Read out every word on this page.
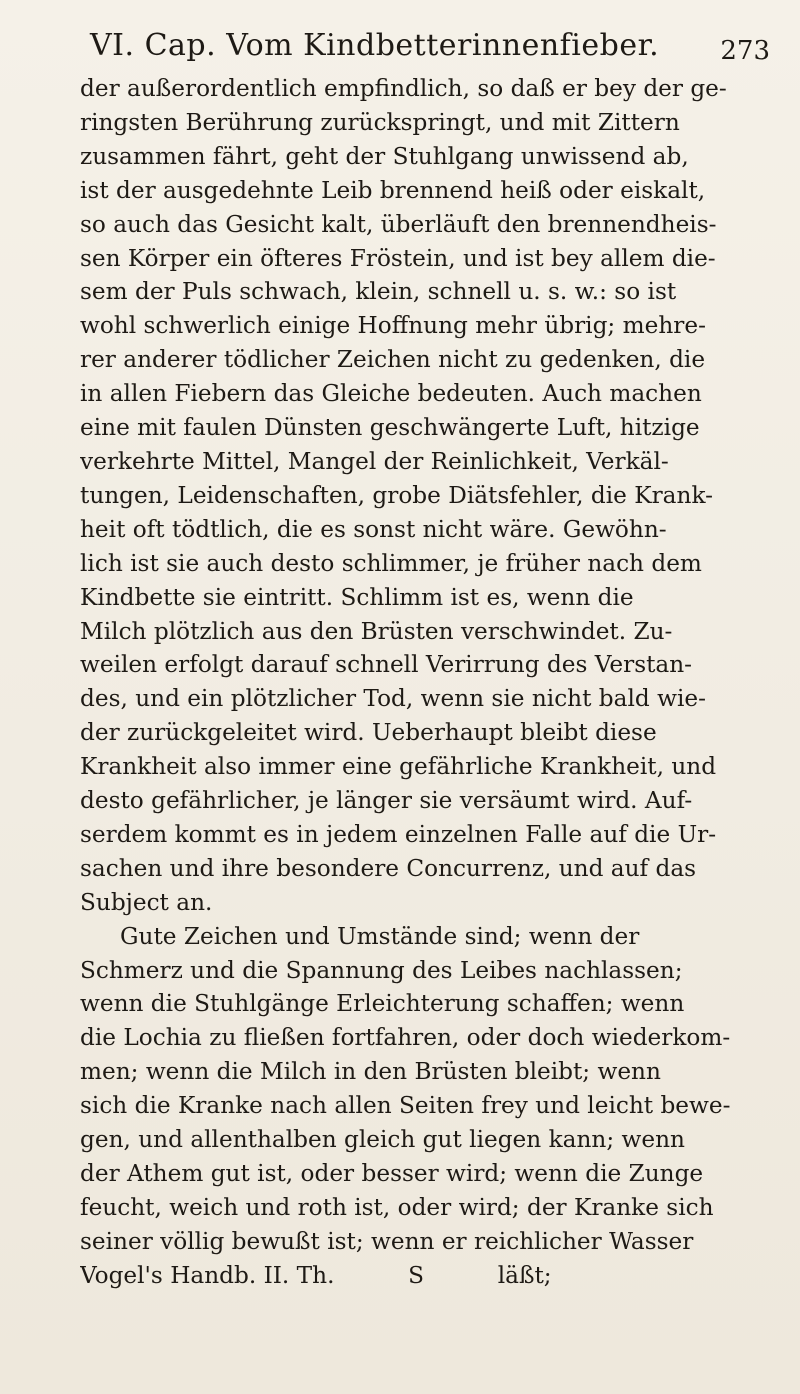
VI. Cap. Vom Kindbetterinnenfieber. 273
der außerordentlich empfindlich, so daß er bey der ge-
ringsten Berührung zurückspringt, und mit Zittern
zusammen fährt, geht der Stuhlgang unwissend ab,
ist der ausgedehnte Leib brennend heiß oder eiskalt,
so auch das Gesicht kalt, überläuft den brennendheis-
sen Körper ein öfteres Fröstein, und ist bey allem die-
sem der Puls schwach, klein, schnell u. s. w.: so ist
wohl schwerlich einige Hoffnung mehr übrig; mehre-
rer anderer tödlicher Zeichen nicht zu gedenken, die
in allen Fiebern das Gleiche bedeuten. Auch machen
eine mit faulen Dünsten geschwängerte Luft, hitzige
verkehrte Mittel, Mangel der Reinlichkeit, Verkäl-
tungen, Leidenschaften, grobe Diätsfehler, die Krank-
heit oft tödtlich, die es sonst nicht wäre. Gewöhn-
lich ist sie auch desto schlimmer, je früher nach dem
Kindbette sie eintritt. Schlimm ist es, wenn die
Milch plötzlich aus den Brüsten verschwindet. Zu-
weilen erfolgt darauf schnell Verirrung des Verstan-
des, und ein plötzlicher Tod, wenn sie nicht bald wie-
der zurückgeleitet wird. Ueberhaupt bleibt diese
Krankheit also immer eine gefährliche Krankheit, und
desto gefährlicher, je länger sie versäumt wird. Auf-
serdem kommt es in jedem einzelnen Falle auf die Ur-
sachen und ihre besondere Concurrenz, und auf das
Subject an.
Gute Zeichen und Umstände sind; wenn der
Schmerz und die Spannung des Leibes nachlassen;
wenn die Stuhlgänge Erleichterung schaffen; wenn
die Lochia zu fließen fortfahren, oder doch wiederkom-
men; wenn die Milch in den Brüsten bleibt; wenn
sich die Kranke nach allen Seiten frey und leicht bewe-
gen, und allenthalben gleich gut liegen kann; wenn
der Athem gut ist, oder besser wird; wenn die Zunge
feucht, weich und roth ist, oder wird; der Kranke sich
seiner völlig bewußt ist; wenn er reichlicher Wasser
Vogel's Handb. II. Th.          S          läßt;
